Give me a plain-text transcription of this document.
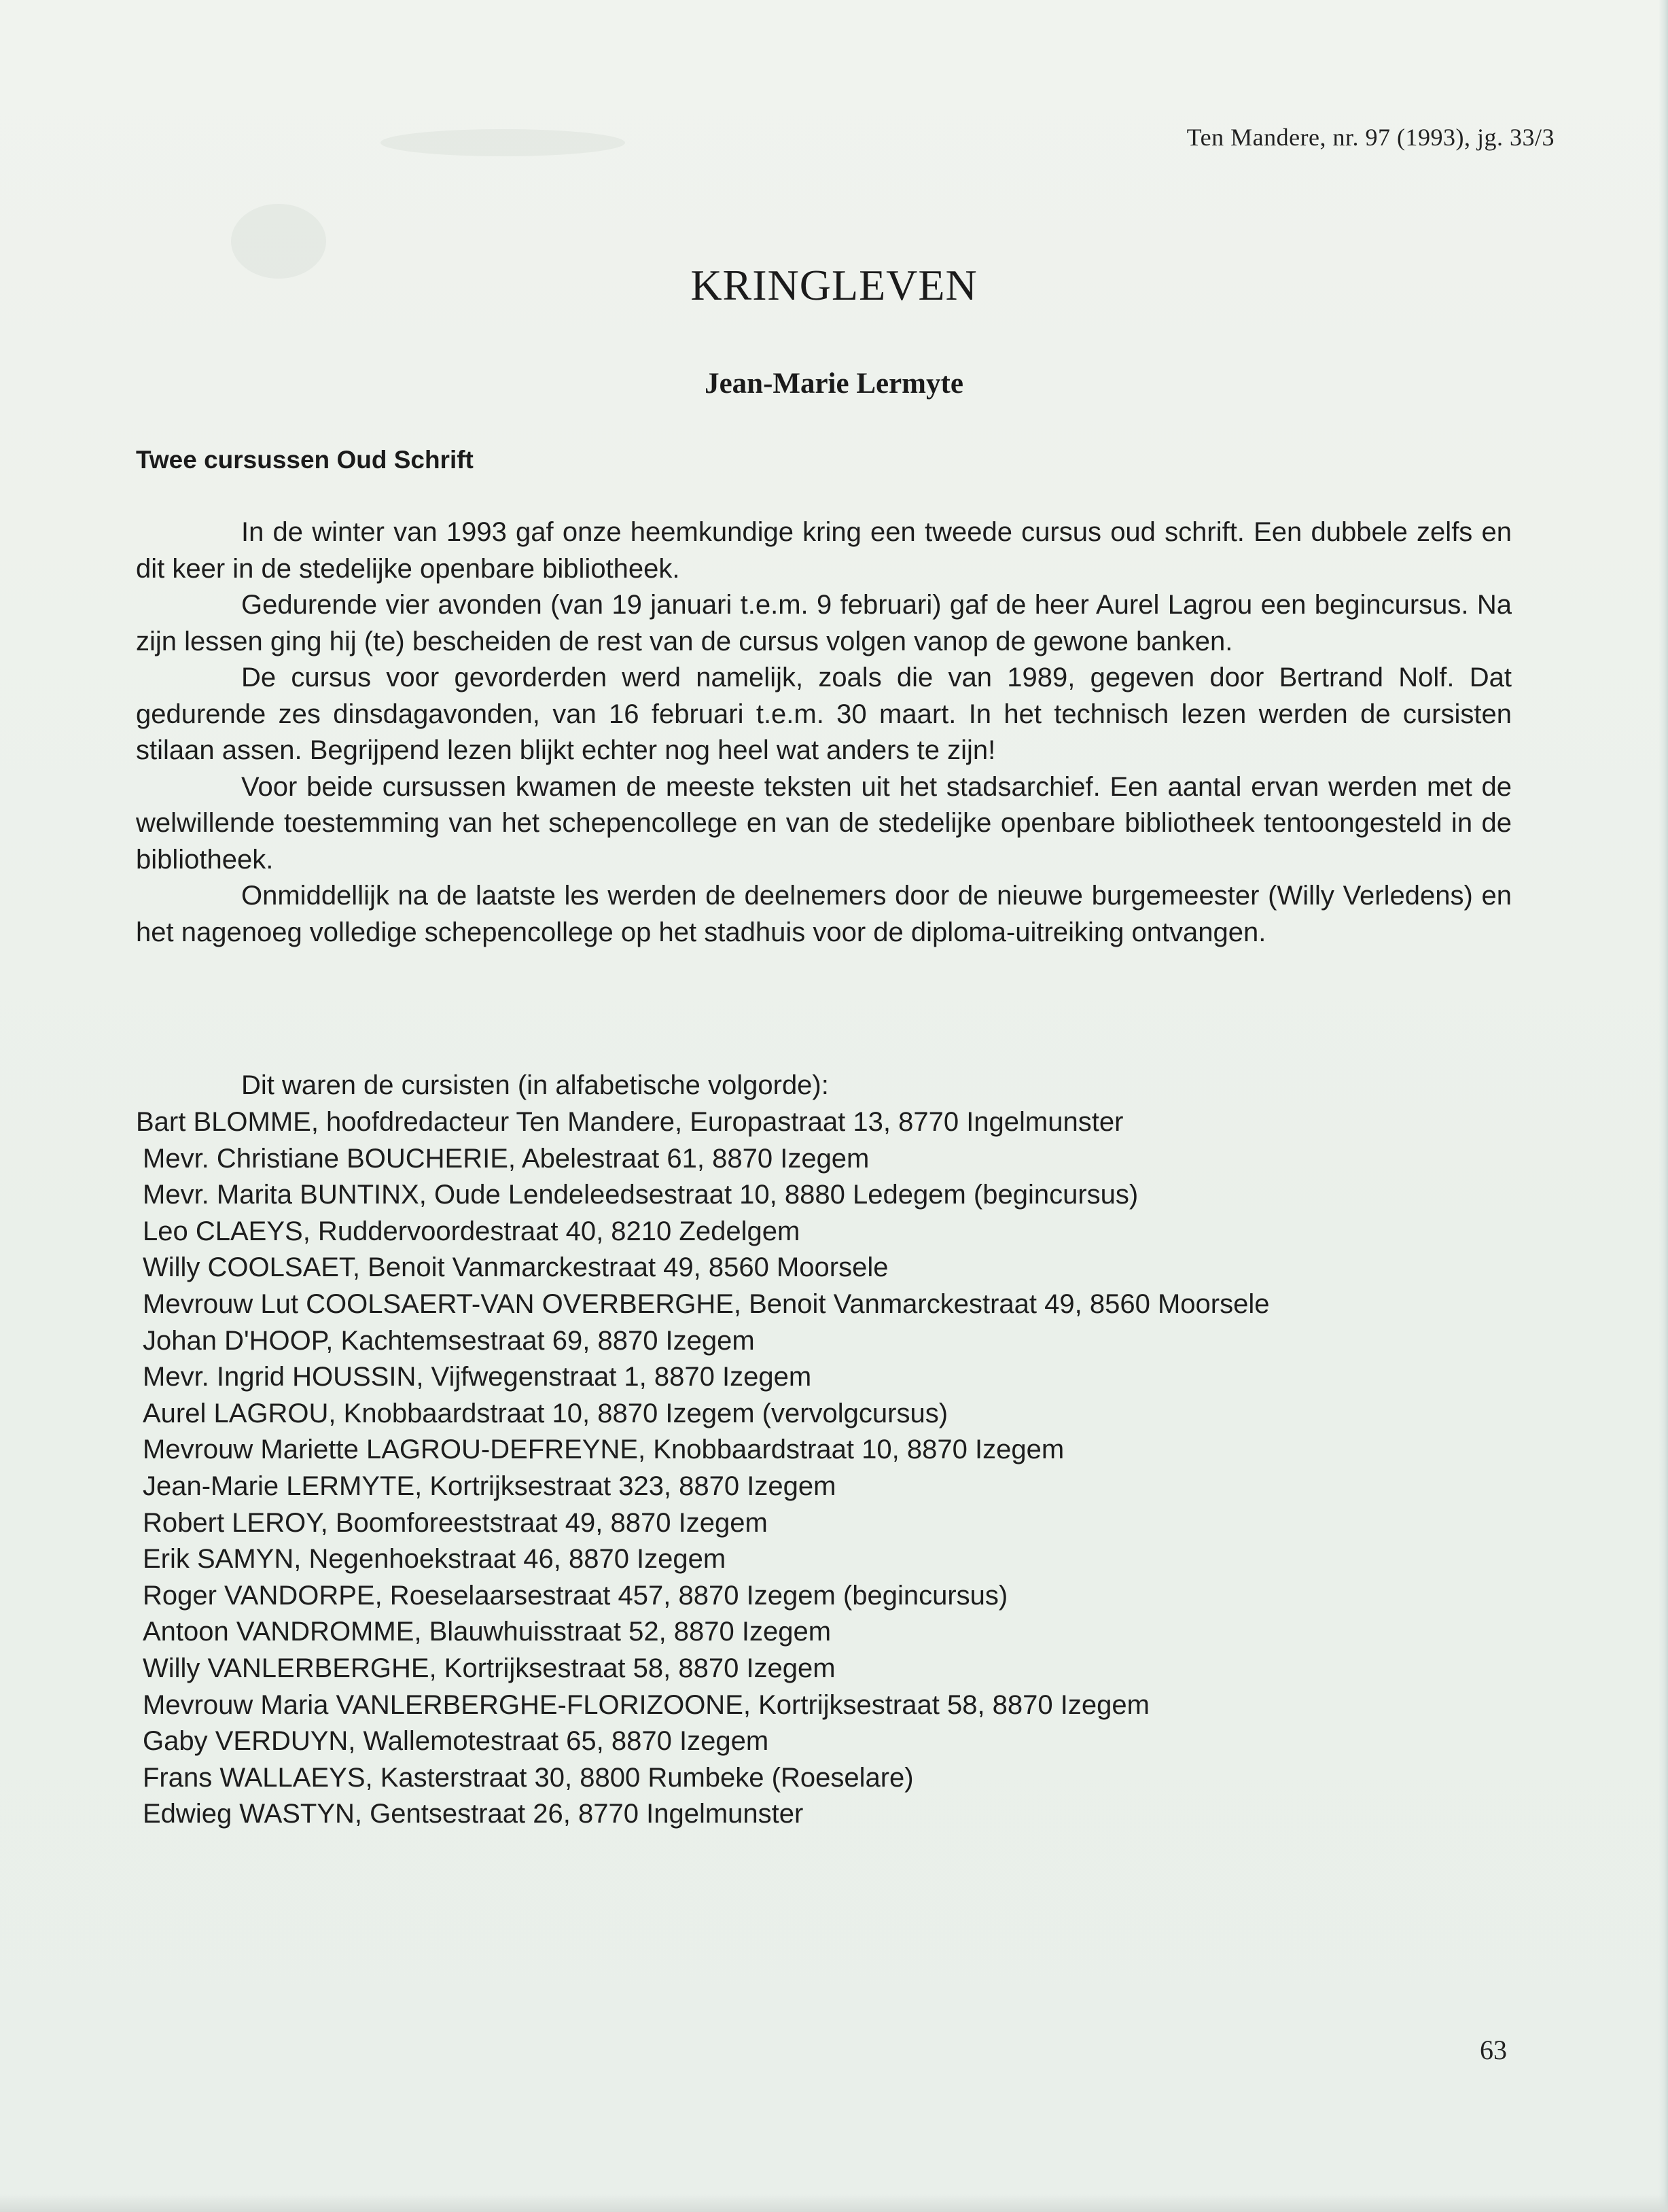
Ten Mandere, nr. 97 (1993), jg. 33/3
KRINGLEVEN
Jean-Marie Lermyte
Twee cursussen Oud Schrift

In de winter van 1993 gaf onze heemkundige kring een tweede cursus oud schrift. Een dubbele zelfs en dit keer in de stedelijke openbare bibliotheek.

Gedurende vier avonden (van 19 januari t.e.m. 9 februari) gaf de heer Aurel Lagrou een begincursus. Na zijn lessen ging hij (te) bescheiden de rest van de cursus volgen vanop de gewone banken.

De cursus voor gevorderden werd namelijk, zoals die van 1989, gegeven door Bertrand Nolf. Dat gedurende zes dinsdagavonden, van 16 februari t.e.m. 30 maart. In het technisch lezen werden de cursisten stilaan assen. Begrijpend lezen blijkt echter nog heel wat anders te zijn!

Voor beide cursussen kwamen de meeste teksten uit het stadsarchief. Een aantal ervan werden met de welwillende toestemming van het schepencollege en van de stedelijke openbare bibliotheek tentoongesteld in de bibliotheek.

Onmiddellijk na de laatste les werden de deelnemers door de nieuwe burgemeester (Willy Verledens) en het nagenoeg volledige schepencollege op het stadhuis voor de diploma-uitreiking ontvangen.

Dit waren de cursisten (in alfabetische volgorde):
Bart BLOMME, hoofdredacteur Ten Mandere, Europastraat 13, 8770 Ingelmunster
Mevr. Christiane BOUCHERIE, Abelestraat 61, 8870 Izegem
Mevr. Marita BUNTINX, Oude Lendeleedsestraat 10, 8880 Ledegem (begincursus)
Leo CLAEYS, Ruddervoordestraat 40, 8210 Zedelgem
Willy COOLSAET, Benoit Vanmarckestraat 49, 8560 Moorsele
Mevrouw Lut COOLSAERT-VAN OVERBERGHE, Benoit Vanmarckestraat 49, 8560 Moorsele
Johan D'HOOP, Kachtemsestraat 69, 8870 Izegem
Mevr. Ingrid HOUSSIN, Vijfwegenstraat 1, 8870 Izegem
Aurel LAGROU, Knobbaardstraat 10, 8870 Izegem (vervolgcursus)
Mevrouw Mariette LAGROU-DEFREYNE, Knobbaardstraat 10, 8870 Izegem
Jean-Marie LERMYTE, Kortrijksestraat 323, 8870 Izegem
Robert LEROY, Boomforeeststraat 49, 8870 Izegem
Erik SAMYN, Negenhoekstraat 46, 8870 Izegem
Roger VANDORPE, Roeselaarsestraat 457, 8870 Izegem (begincursus)
Antoon VANDROMME, Blauwhuisstraat 52, 8870 Izegem
Willy VANLERBERGHE, Kortrijksestraat 58, 8870 Izegem
Mevrouw Maria VANLERBERGHE-FLORIZOONE, Kortrijksestraat 58, 8870 Izegem
Gaby VERDUYN, Wallemotestraat 65, 8870 Izegem
Frans WALLAEYS, Kasterstraat 30, 8800 Rumbeke (Roeselare)
Edwieg WASTYN, Gentsestraat 26, 8770 Ingelmunster
63
